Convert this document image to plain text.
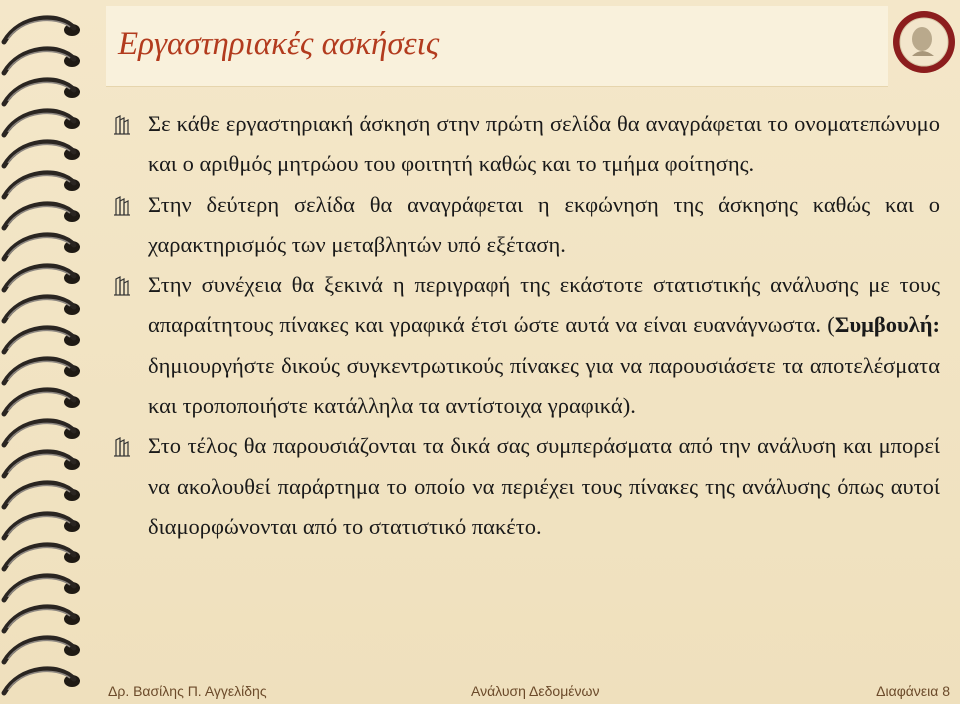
Εργαστηριακές ασκήσεις
Σε κάθε εργαστηριακή άσκηση στην πρώτη σελίδα θα αναγράφεται το ονοματεπώνυμο και ο αριθμός μητρώου του φοιτητή καθώς και το τμήμα φοίτησης.
Στην δεύτερη σελίδα θα αναγράφεται η εκφώνηση της άσκησης καθώς και ο χαρακτηρισμός των μεταβλητών υπό εξέταση.
Στην συνέχεια θα ξεκινά η περιγραφή της εκάστοτε στατιστικής ανάλυσης με τους απαραίτητους πίνακες και γραφικά έτσι ώστε αυτά να είναι ευανάγνωστα. (Συμβουλή: δημιουργήστε δικούς συγκεντρωτικούς πίνακες για να παρουσιάσετε τα αποτελέσματα και τροποποιήστε κατάλληλα τα αντίστοιχα γραφικά).
Στο τέλος θα παρουσιάζονται τα δικά σας συμπεράσματα από την ανάλυση και μπορεί να ακολουθεί παράρτημα το οποίο να περιέχει τους πίνακες της ανάλυσης όπως αυτοί διαμορφώνονται από το στατιστικό πακέτο.
Δρ. Βασίλης Π. Αγγελίδης	Ανάλυση Δεδομένων	Διαφάνεια 8
